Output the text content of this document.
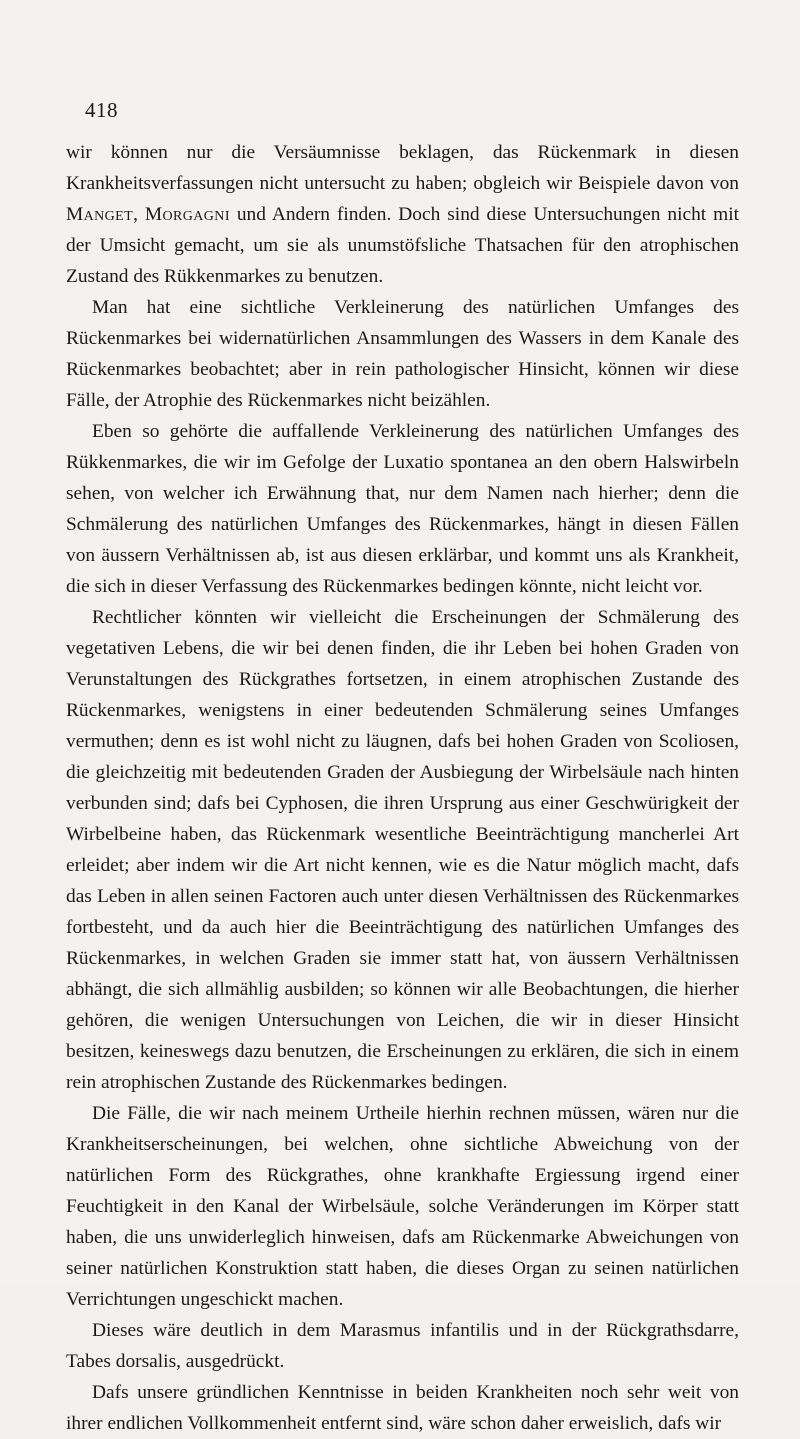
418

wir können nur die Versäumnisse beklagen, das Rückenmark in diesen Krankheitsverfassungen nicht untersucht zu haben; obgleich wir Beispiele davon von Manget, Morgagni und Andern finden. Doch sind diese Untersuchungen nicht mit der Umsicht gemacht, um sie als unumstöfsliche Thatsachen für den atrophischen Zustand des Rükkenmarkes zu benutzen.

Man hat eine sichtliche Verkleinerung des natürlichen Umfanges des Rückenmarkes bei widernatürlichen Ansammlungen des Wassers in dem Kanale des Rückenmarkes beobachtet; aber in rein pathologischer Hinsicht, können wir diese Fälle, der Atrophie des Rückenmarkes nicht beizählen.

Eben so gehörte die auffallende Verkleinerung des natürlichen Umfanges des Rükkenmarkes, die wir im Gefolge der Luxatio spontanea an den obern Halswirbeln sehen, von welcher ich Erwähnung that, nur dem Namen nach hierher; denn die Schmälerung des natürlichen Umfanges des Rückenmarkes, hängt in diesen Fällen von äussern Verhältnissen ab, ist aus diesen erklärbar, und kommt uns als Krankheit, die sich in dieser Verfassung des Rückenmarkes bedingen könnte, nicht leicht vor.

Rechtlicher könnten wir vielleicht die Erscheinungen der Schmälerung des vegetativen Lebens, die wir bei denen finden, die ihr Leben bei hohen Graden von Verunstaltungen des Rückgrathes fortsetzen, in einem atrophischen Zustande des Rückenmarkes, wenigstens in einer bedeutenden Schmälerung seines Umfanges vermuthen; denn es ist wohl nicht zu läugnen, dafs bei hohen Graden von Scoliosen, die gleichzeitig mit bedeutenden Graden der Ausbiegung der Wirbelsäule nach hinten verbunden sind; dafs bei Cyphosen, die ihren Ursprung aus einer Geschwürigkeit der Wirbelbeine haben, das Rückenmark wesentliche Beeinträchtigung mancherlei Art erleidet; aber indem wir die Art nicht kennen, wie es die Natur möglich macht, dafs das Leben in allen seinen Factoren auch unter diesen Verhältnissen des Rückenmarkes fortbesteht, und da auch hier die Beeinträchtigung des natürlichen Umfanges des Rückenmarkes, in welchen Graden sie immer statt hat, von äussern Verhältnissen abhängt, die sich allmählig ausbilden; so können wir alle Beobachtungen, die hierher gehören, die wenigen Untersuchungen von Leichen, die wir in dieser Hinsicht besitzen, keineswegs dazu benutzen, die Erscheinungen zu erklären, die sich in einem rein atrophischen Zustande des Rückenmarkes bedingen.

Die Fälle, die wir nach meinem Urtheile hierhin rechnen müssen, wären nur die Krankheitserscheinungen, bei welchen, ohne sichtliche Abweichung von der natürlichen Form des Rückgrathes, ohne krankhafte Ergiessung irgend einer Feuchtigkeit in den Kanal der Wirbelsäule, solche Veränderungen im Körper statt haben, die uns unwiderleglich hinweisen, dafs am Rückenmarke Abweichungen von seiner natürlichen Konstruktion statt haben, die dieses Organ zu seinen natürlichen Verrichtungen ungeschickt machen.

Dieses wäre deutlich in dem Marasmus infantilis und in der Rückgrathsdarre, Tabes dorsalis, ausgedrückt.

Dafs unsere gründlichen Kenntnisse in beiden Krankheiten noch sehr weit von ihrer endlichen Vollkommenheit entfernt sind, wäre schon daher erweislich, dafs wir
